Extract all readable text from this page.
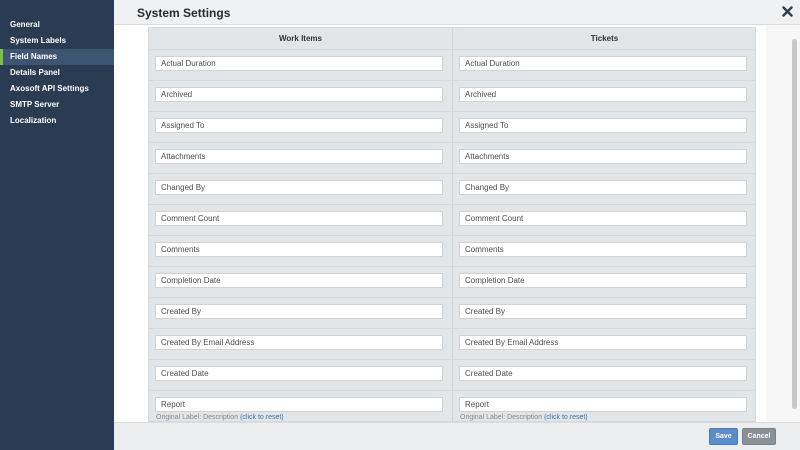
General
System Labels
Field Names
Details Panel
Axosoft API Settings
SMTP Server
Localization
System Settings
Work Items	Tickets
Actual Duration	Actual Duration
Archived	Archived
Assigned To	Assigned To
Attachments	Attachments
Changed By	Changed By
Comment Count	Comment Count
Comments	Comments
Completion Date	Completion Date
Created By	Created By
Created By Email Address	Created By Email Address
Created Date	Created Date
Report	Report
Original Label: Description (click to reset)	Original Label: Description (click to reset)
Save	Cancel
